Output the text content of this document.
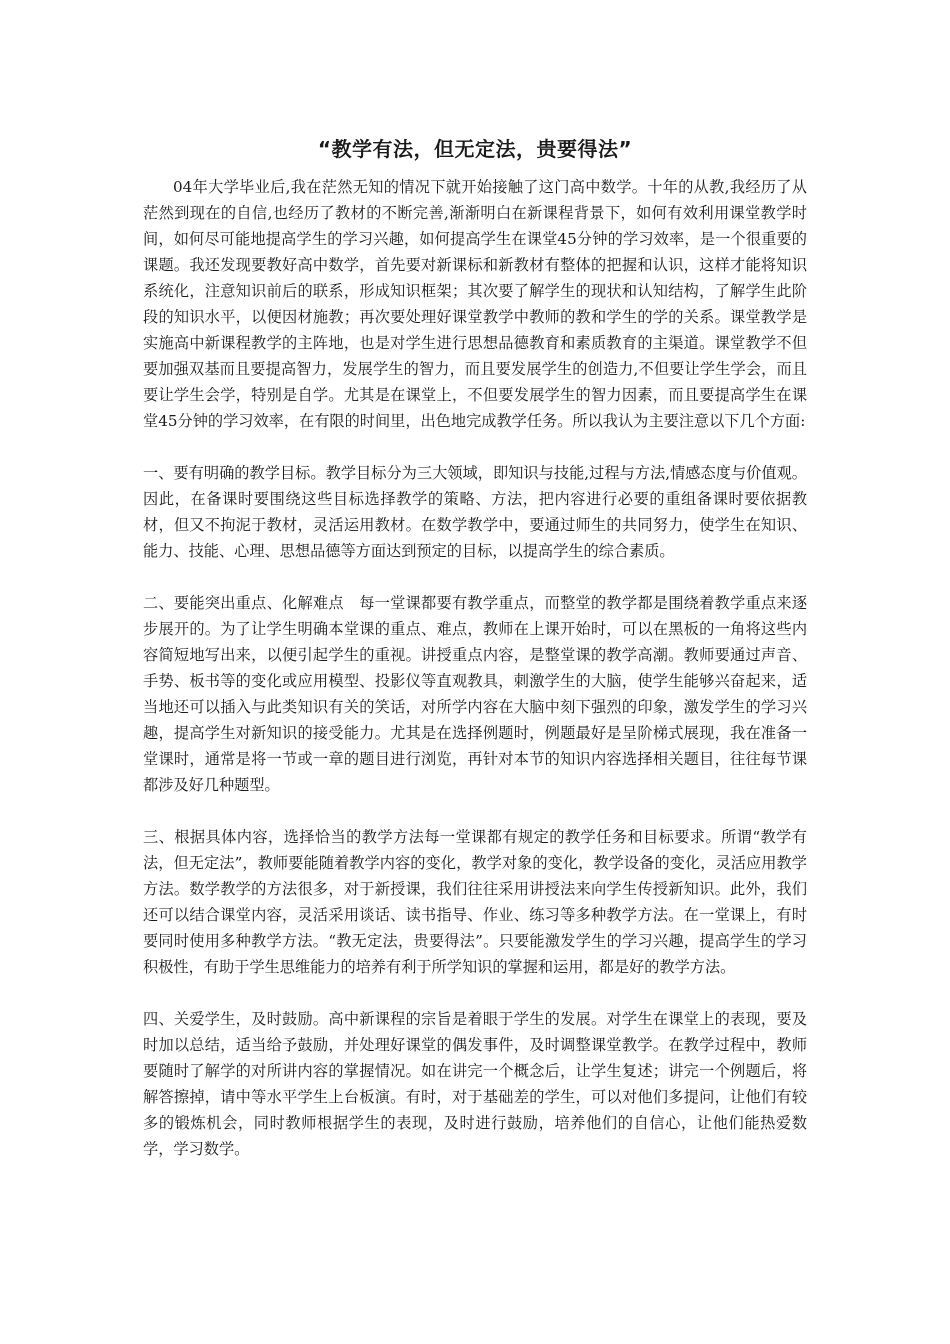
“教学有法，但无定法，贵要得法”

04年大学毕业后,我在茫然无知的情况下就开始接触了这门高中数学。十年的从教,我经历了从茫然到现在的自信,也经历了教材的不断完善,渐渐明白在新课程背景下，如何有效利用课堂教学时间，如何尽可能地提高学生的学习兴趣，如何提高学生在课堂45分钟的学习效率，是一个很重要的课题。我还发现要教好高中数学，首先要对新课标和新教材有整体的把握和认识，这样才能将知识系统化，注意知识前后的联系，形成知识框架；其次要了解学生的现状和认知结构，了解学生此阶段的知识水平，以便因材施教；再次要处理好课堂教学中教师的教和学生的学的关系。课堂教学是实施高中新课程教学的主阵地，也是对学生进行思想品德教育和素质教育的主渠道。课堂教学不但要加强双基而且要提高智力，发展学生的智力，而且要发展学生的创造力,不但要让学生学会，而且要让学生会学，特别是自学。尤其是在课堂上，不但要发展学生的智力因素，而且要提高学生在课堂45分钟的学习效率，在有限的时间里，出色地完成教学任务。所以我认为主要注意以下几个方面:

一、要有明确的教学目标。教学目标分为三大领域，即知识与技能,过程与方法,情感态度与价值观。因此，在备课时要围绕这些目标选择教学的策略、方法，把内容进行必要的重组备课时要依据教材，但又不拘泥于教材，灵活运用教材。在数学教学中，要通过师生的共同努力，使学生在知识、能力、技能、心理、思想品德等方面达到预定的目标，以提高学生的综合素质。

二、要能突出重点、化解难点　每一堂课都要有教学重点，而整堂的教学都是围绕着教学重点来逐步展开的。为了让学生明确本堂课的重点、难点，教师在上课开始时，可以在黑板的一角将这些内容简短地写出来，以便引起学生的重视。讲授重点内容，是整堂课的教学高潮。教师要通过声音、手势、板书等的变化或应用模型、投影仪等直观教具，刺激学生的大脑，使学生能够兴奋起来，适当地还可以插入与此类知识有关的笑话，对所学内容在大脑中刻下强烈的印象，激发学生的学习兴趣，提高学生对新知识的接受能力。尤其是在选择例题时，例题最好是呈阶梯式展现，我在准备一堂课时，通常是将一节或一章的题目进行浏览，再针对本节的知识内容选择相关题目，往往每节课都涉及好几种题型。

三、根据具体内容，选择恰当的教学方法每一堂课都有规定的教学任务和目标要求。所谓“教学有法，但无定法”，教师要能随着教学内容的变化，教学对象的变化，教学设备的变化，灵活应用教学方法。数学教学的方法很多，对于新授课，我们往往采用讲授法来向学生传授新知识。此外，我们还可以结合课堂内容，灵活采用谈话、读书指导、作业、练习等多种教学方法。在一堂课上，有时要同时使用多种教学方法。“教无定法，贵要得法”。只要能激发学生的学习兴趣，提高学生的学习积极性，有助于学生思维能力的培养有利于所学知识的掌握和运用，都是好的教学方法。

四、关爱学生，及时鼓励。高中新课程的宗旨是着眼于学生的发展。对学生在课堂上的表现，要及时加以总结，适当给予鼓励，并处理好课堂的偶发事件，及时调整课堂教学。在教学过程中，教师要随时了解学的对所讲内容的掌握情况。如在讲完一个概念后，让学生复述；讲完一个例题后，将解答擦掉，请中等水平学生上台板演。有时，对于基础差的学生，可以对他们多提问，让他们有较多的锻炼机会，同时教师根据学生的表现，及时进行鼓励，培养他们的自信心，让他们能热爱数学，学习数学。
